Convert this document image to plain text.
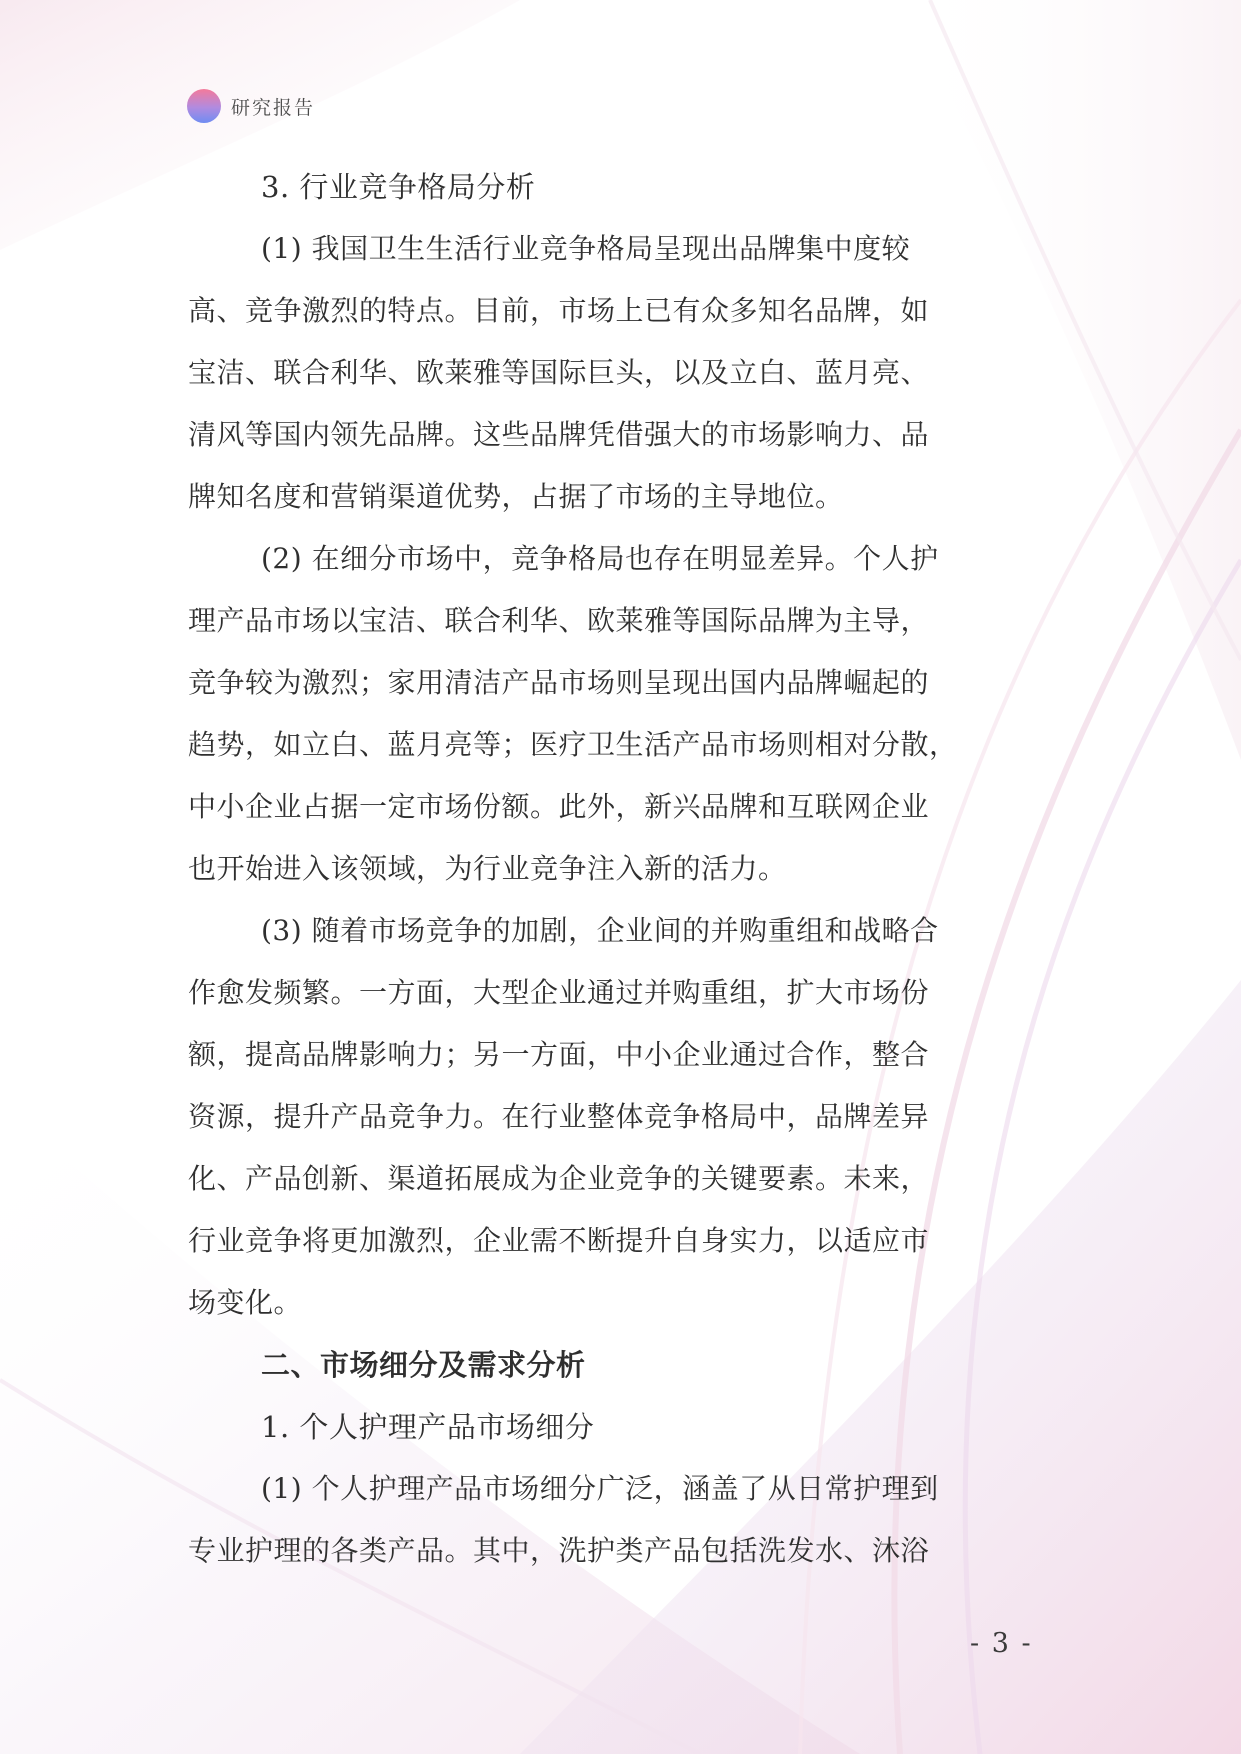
研究报告
3. 行业竞争格局分析
(1) 我国卫生生活行业竞争格局呈现出品牌集中度较
高、竞争激烈的特点。目前，市场上已有众多知名品牌，如
宝洁、联合利华、欧莱雅等国际巨头，以及立白、蓝月亮、
清风等国内领先品牌。这些品牌凭借强大的市场影响力、品
牌知名度和营销渠道优势，占据了市场的主导地位。
(2) 在细分市场中，竞争格局也存在明显差异。个人护
理产品市场以宝洁、联合利华、欧莱雅等国际品牌为主导，
竞争较为激烈；家用清洁产品市场则呈现出国内品牌崛起的
趋势，如立白、蓝月亮等；医疗卫生活产品市场则相对分散，
中小企业占据一定市场份额。此外，新兴品牌和互联网企业
也开始进入该领域，为行业竞争注入新的活力。
(3) 随着市场竞争的加剧，企业间的并购重组和战略合
作愈发频繁。一方面，大型企业通过并购重组，扩大市场份
额，提高品牌影响力；另一方面，中小企业通过合作，整合
资源，提升产品竞争力。在行业整体竞争格局中，品牌差异
化、产品创新、渠道拓展成为企业竞争的关键要素。未来，
行业竞争将更加激烈，企业需不断提升自身实力，以适应市
场变化。
二、市场细分及需求分析
1. 个人护理产品市场细分
(1) 个人护理产品市场细分广泛，涵盖了从日常护理到
专业护理的各类产品。其中，洗护类产品包括洗发水、沐浴
- 3 -
